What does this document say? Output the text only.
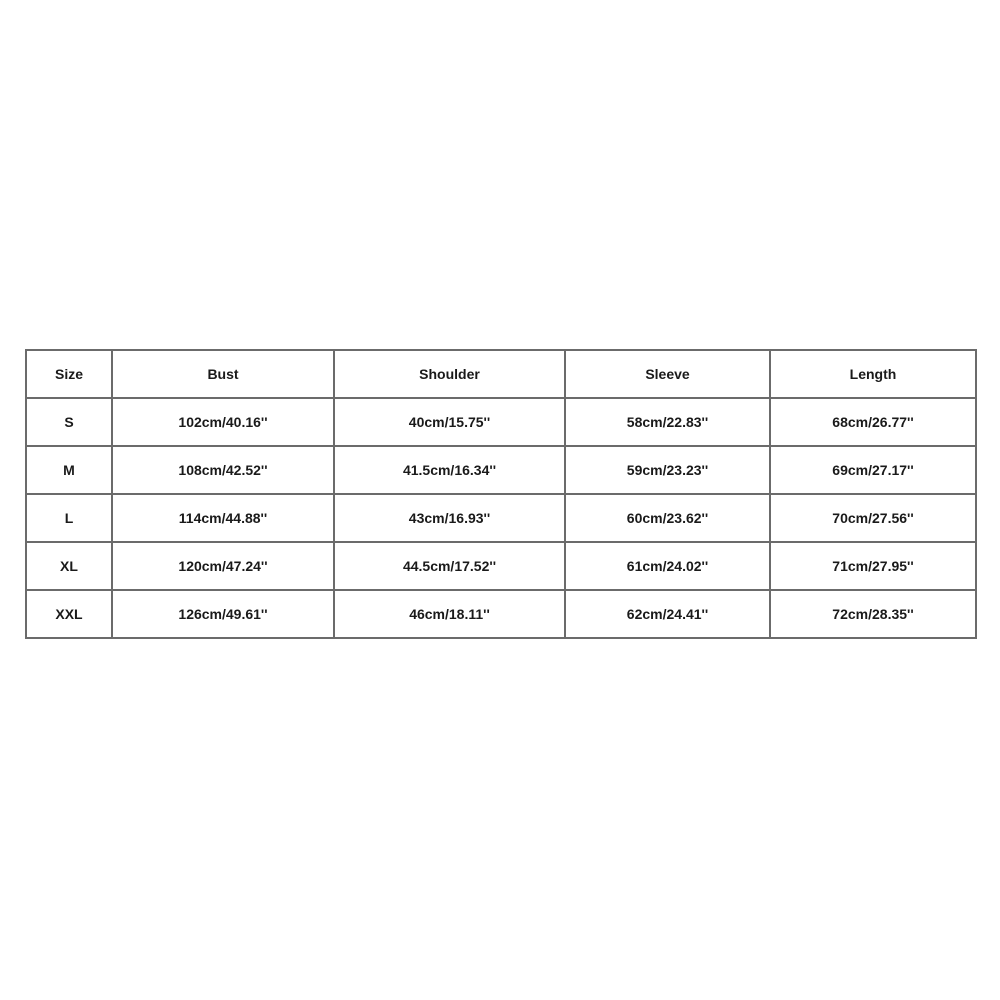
Size	Bust	Shoulder	Sleeve	Length
S	102cm/40.16''	40cm/15.75''	58cm/22.83''	68cm/26.77''
M	108cm/42.52''	41.5cm/16.34''	59cm/23.23''	69cm/27.17''
L	114cm/44.88''	43cm/16.93''	60cm/23.62''	70cm/27.56''
XL	120cm/47.24''	44.5cm/17.52''	61cm/24.02''	71cm/27.95''
XXL	126cm/49.61''	46cm/18.11''	62cm/24.41''	72cm/28.35''
